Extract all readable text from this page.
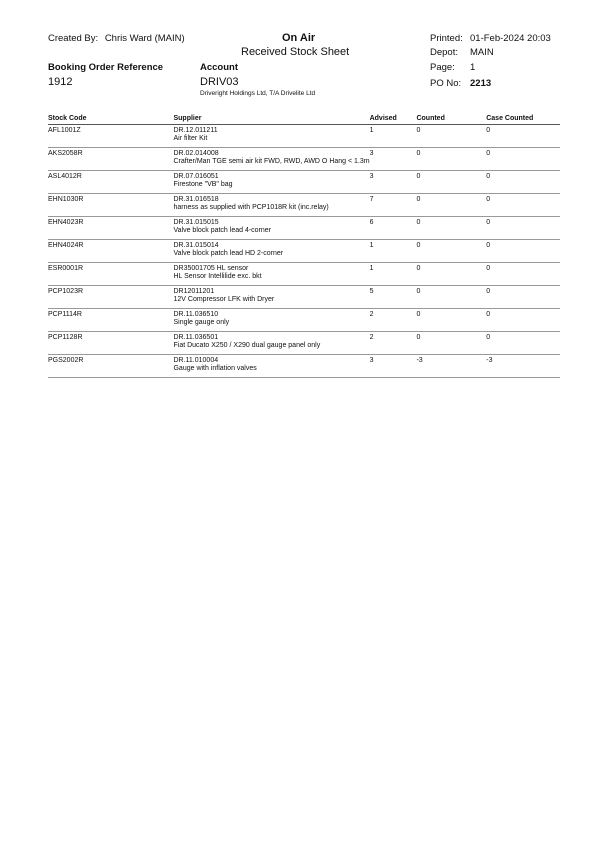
Created By: Chris Ward (MAIN)	On Air
Received Stock Sheet
Printed: 01-Feb-2024 20:03
Depot: MAIN
Page: 1
PO No: 2213
Booking Order Reference
1912
Account
DRIV03
Driveright Holdings Ltd, T/A Drivelite Ltd
Stock Code	Supplier	Advised	Counted	Case Counted
AFL1001Z	DR.12.011211
Air filter Kit	1	0	0
AKS2058R	DR.02.014008
Crafter/Man TGE semi air kit FWD, RWD, AWD O Hang < 1.3m	3	0	0
ASL4012R	DR.07.016051
Firestone "VB" bag	3	0	0
EHN1030R	DR.31.016518
harness as supplied with PCP1018R kit (inc.relay)	7	0	0
EHN4023R	DR.31.015015
Valve block patch lead 4-corner	6	0	0
EHN4024R	DR.31.015014
Valve block patch lead HD 2-corner	1	0	0
ESR0001R	DR35001705 HL sensor
HL Sensor Intellilide exc. bkt	1	0	0
PCP1023R	DR12011201
12V Compressor LFK with Dryer	5	0	0
PCP1114R	DR.11.036510
Single gauge only	2	0	0
PCP1128R	DR.11.036501
Fiat Ducato X250 / X290 dual gauge panel only	2	0	0
PGS2002R	DR.11.010004
Gauge with inflation valves	3	-3	-3
